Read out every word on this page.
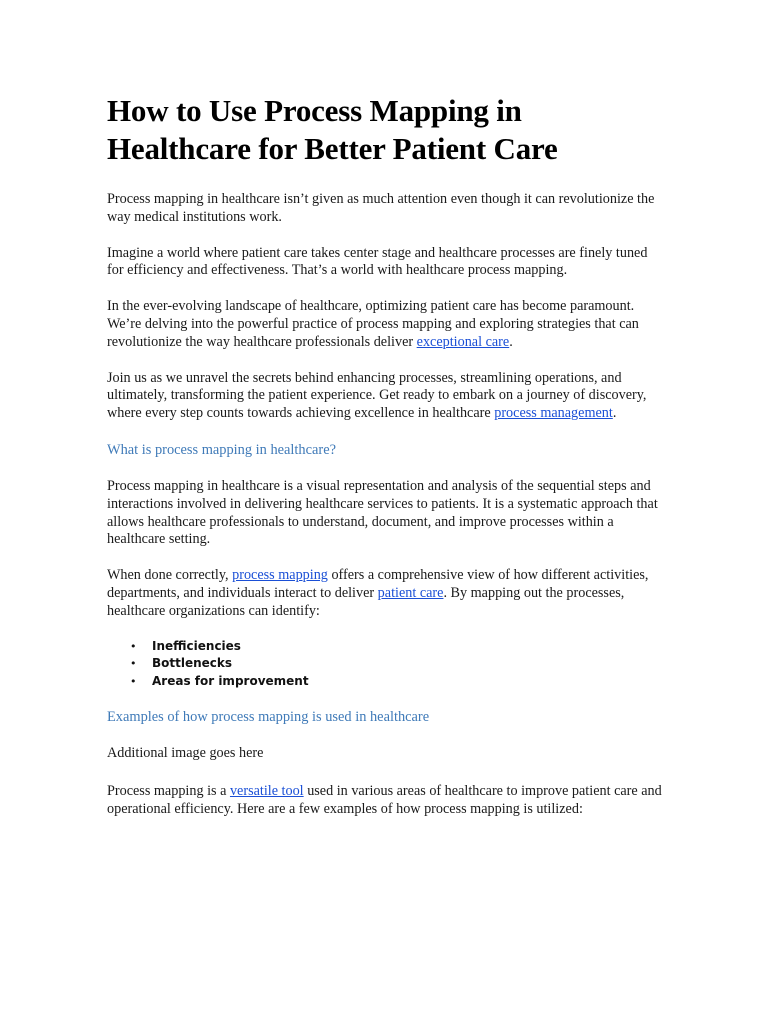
How to Use Process Mapping in Healthcare for Better Patient Care

Process mapping in healthcare isn’t given as much attention even though it can revolutionize the way medical institutions work.

Imagine a world where patient care takes center stage and healthcare processes are finely tuned for efficiency and effectiveness. That’s a world with healthcare process mapping.

In the ever-evolving landscape of healthcare, optimizing patient care has become paramount. We’re delving into the powerful practice of process mapping and exploring strategies that can revolutionize the way healthcare professionals deliver exceptional care.

Join us as we unravel the secrets behind enhancing processes, streamlining operations, and ultimately, transforming the patient experience. Get ready to embark on a journey of discovery, where every step counts towards achieving excellence in healthcare process management.

What is process mapping in healthcare?

Process mapping in healthcare is a visual representation and analysis of the sequential steps and interactions involved in delivering healthcare services to patients. It is a systematic approach that allows healthcare professionals to understand, document, and improve processes within a healthcare setting.

When done correctly, process mapping offers a comprehensive view of how different activities, departments, and individuals interact to deliver patient care. By mapping out the processes, healthcare organizations can identify:

• Inefficiencies
• Bottlenecks
• Areas for improvement
Examples of how process mapping is used in healthcare

Additional image goes here

Process mapping is a versatile tool used in various areas of healthcare to improve patient care and operational efficiency. Here are a few examples of how process mapping is utilized:
